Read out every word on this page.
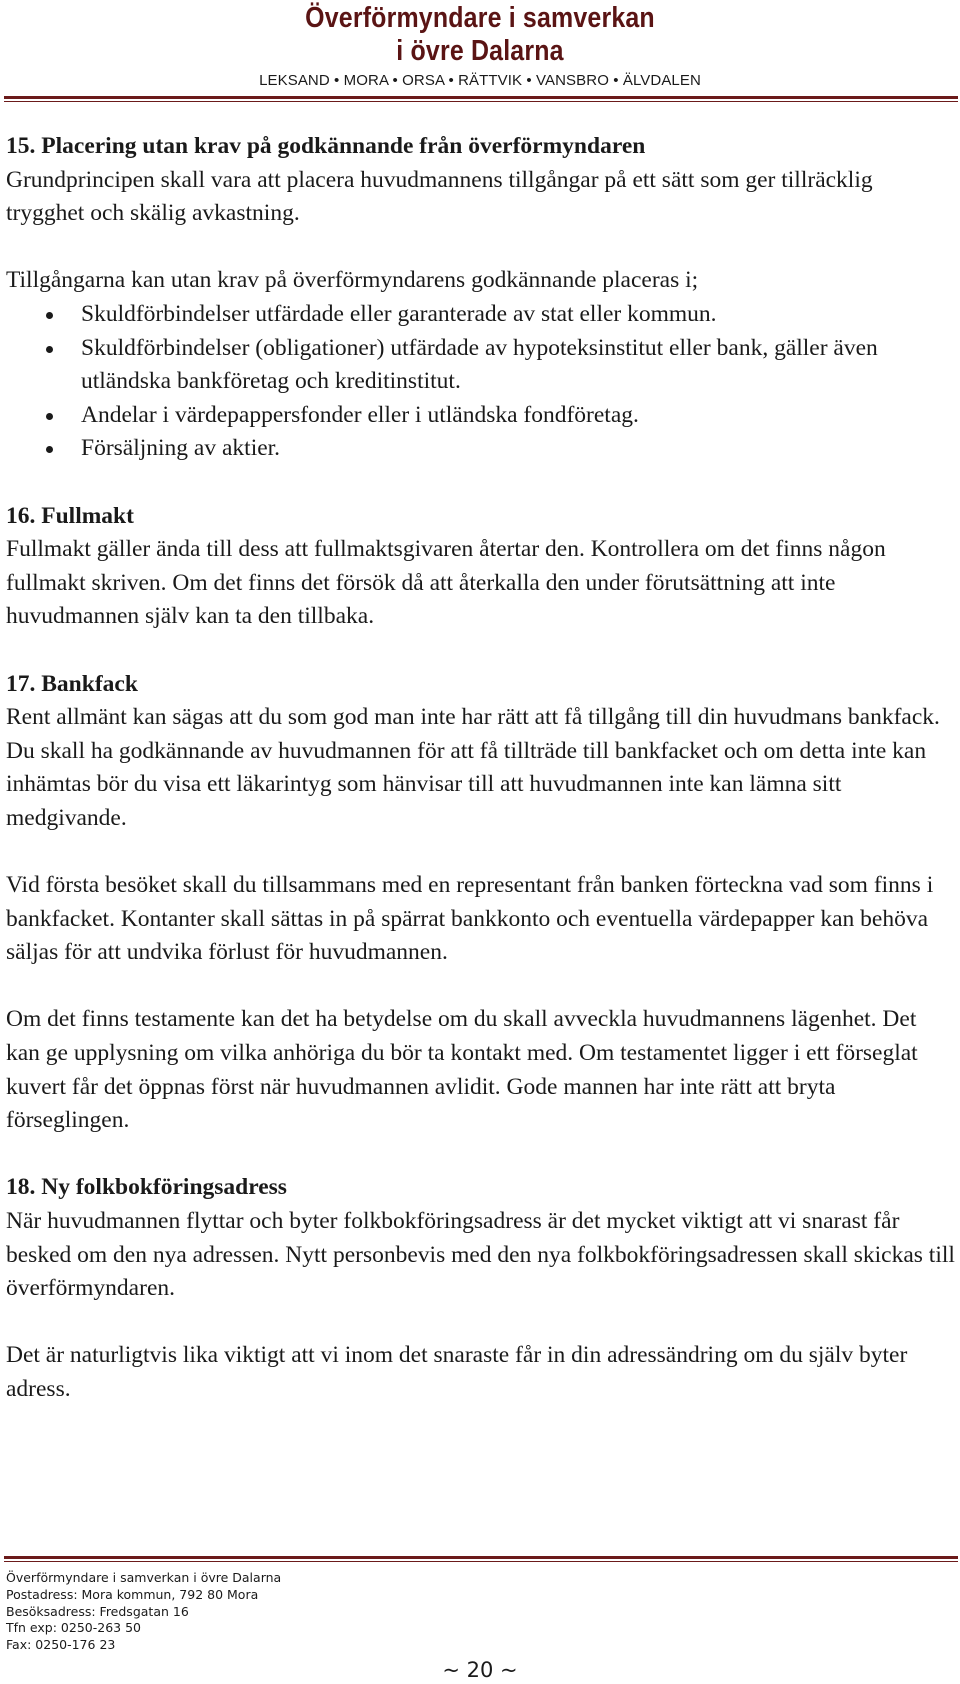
Överförmyndare i samverkan
i övre Dalarna
LEKSAND • MORA • ORSA • RÄTTVIK • VANSBRO • ÄLVDALEN
15. Placering utan krav på godkännande från överförmyndaren

Grundprincipen skall vara att placera huvudmannens tillgångar på ett sätt som ger tillräcklig trygghet och skälig avkastning.

Tillgångarna kan utan krav på överförmyndarens godkännande placeras i;

Skuldförbindelser utfärdade eller garanterade av stat eller kommun.
Skuldförbindelser (obligationer) utfärdade av hypoteksinstitut eller bank, gäller även utländska bankföretag och kreditinstitut.
Andelar i värdepappersfonder eller i utländska fondföretag.
Försäljning av aktier.
16. Fullmakt

Fullmakt gäller ända till dess att fullmaktsgivaren återtar den. Kontrollera om det finns någon fullmakt skriven. Om det finns det försök då att återkalla den under förutsättning att inte huvudmannen själv kan ta den tillbaka.

17. Bankfack

Rent allmänt kan sägas att du som god man inte har rätt att få tillgång till din huvudmans bankfack. Du skall ha godkännande av huvudmannen för att få tillträde till bankfacket och om detta inte kan inhämtas bör du visa ett läkarintyg som hänvisar till att huvudmannen inte kan lämna sitt medgivande.

Vid första besöket skall du tillsammans med en representant från banken förteckna vad som finns i bankfacket. Kontanter skall sättas in på spärrat bankkonto och eventuella värdepapper kan behöva säljas för att undvika förlust för huvudmannen.

Om det finns testamente kan det ha betydelse om du skall avveckla huvudmannens lägenhet. Det kan ge upplysning om vilka anhöriga du bör ta kontakt med. Om testamentet ligger i ett förseglat kuvert får det öppnas först när huvudmannen avlidit. Gode mannen har inte rätt att bryta förseglingen.

18. Ny folkbokföringsadress

När huvudmannen flyttar och byter folkbokföringsadress är det mycket viktigt att vi snarast får besked om den nya adressen. Nytt personbevis med den nya folkbokföringsadressen skall skickas till överförmyndaren.

Det är naturligtvis lika viktigt att vi inom det snaraste får in din adressändring om du själv byter adress.

Överförmyndare i samverkan i övre Dalarna
Postadress: Mora kommun, 792 80 Mora
Besöksadress: Fredsgatan 16
Tfn exp: 0250-263 50
Fax: 0250-176 23
~ 20 ~
